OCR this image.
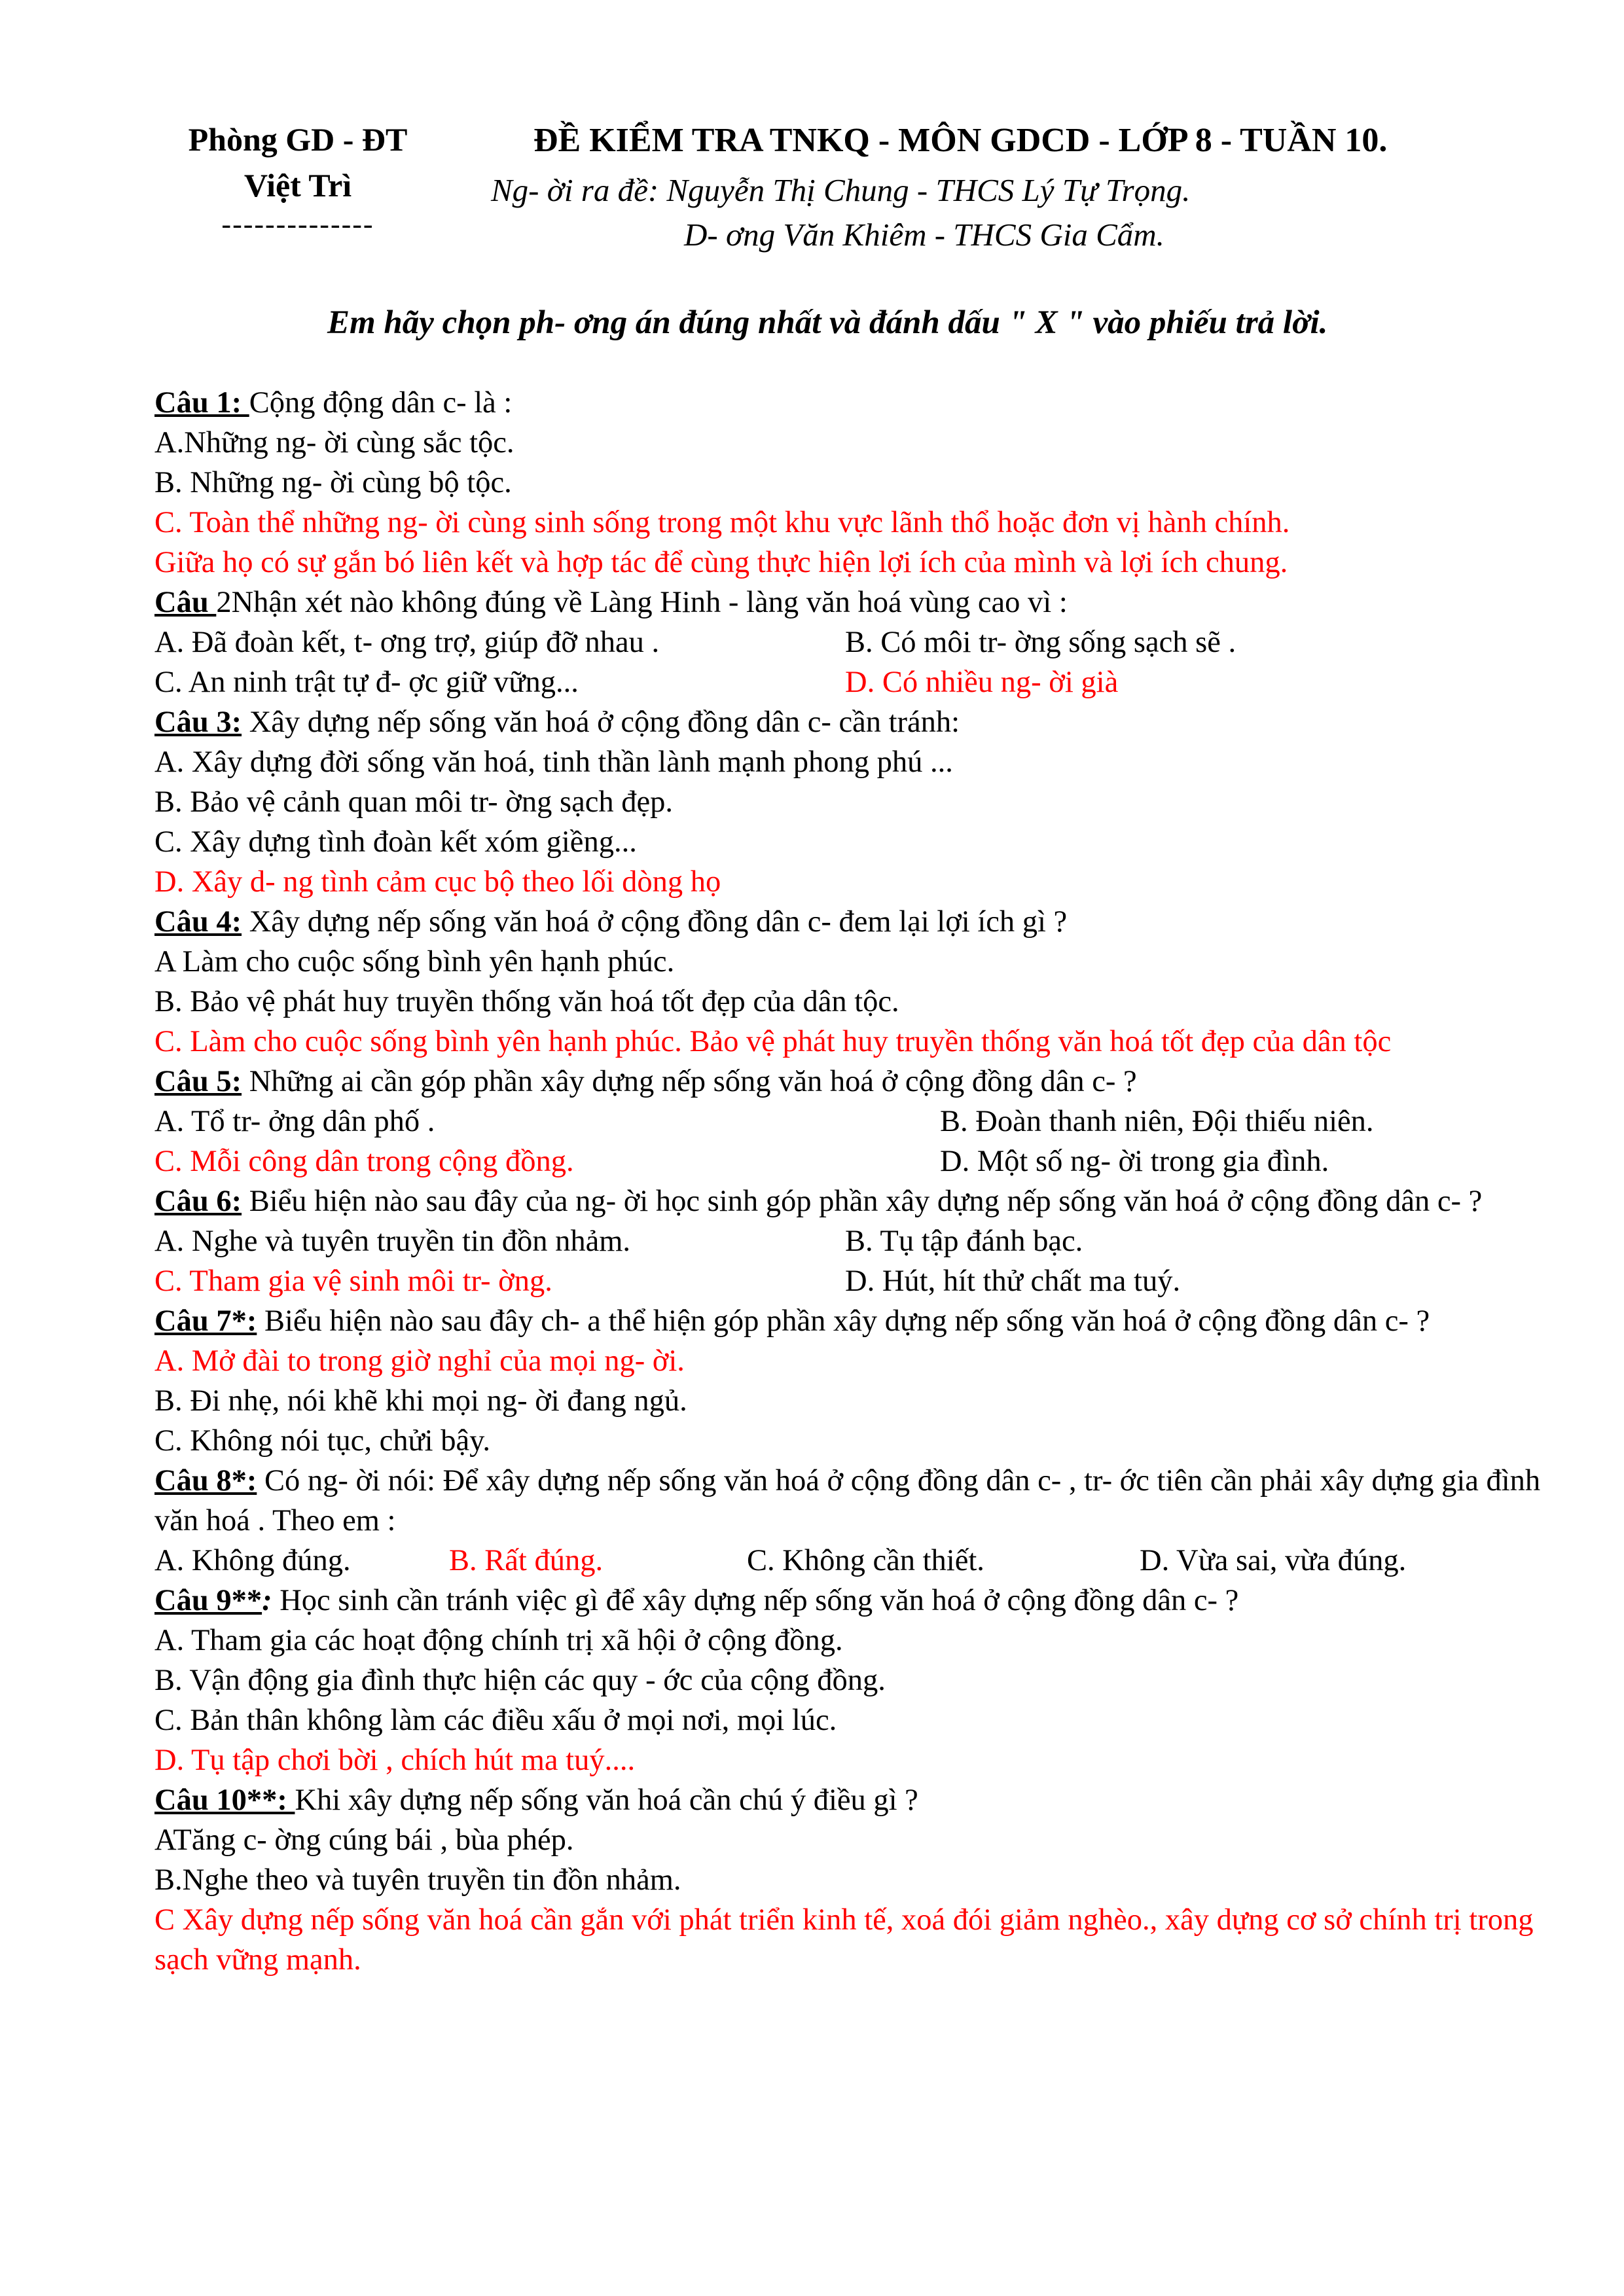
Phòng GD - ĐT
Việt Trì
--------------
ĐỀ KIỂM TRA TNKQ - MÔN GDCD - LỚP 8 - TUẦN 10.
Ng- ời ra đề: Nguyễn Thị Chung - THCS Lý Tự Trọng.
D- ơng Văn Khiêm - THCS Gia Cẩm.
Em hãy chọn ph- ơng án đúng nhất và đánh dấu " X " vào phiếu trả lời.
Câu 1: Cộng động dân c- là :
A.Những ng- ời cùng sắc tộc.
B. Những ng- ời cùng bộ tộc.
C. Toàn thể những ng- ời cùng sinh sống trong một khu vực lãnh thổ hoặc đơn vị hành chính.
Giữa họ có sự gắn bó liên kết và hợp tác để cùng thực hiện lợi ích của mình và lợi ích chung.
Câu 2Nhận xét nào không đúng về Làng Hinh - làng văn hoá vùng cao vì :
A. Đã đoàn kết, t- ơng trợ, giúp đỡ nhau .	B. Có môi tr- ờng sống sạch sẽ .
C. An ninh trật tự đ- ợc giữ vững...	D. Có nhiều ng- ời già
Câu 3: Xây dựng nếp sống văn hoá ở cộng đồng dân c- cần tránh:
A. Xây dựng đời sống văn hoá, tinh thần lành mạnh phong phú ...
B. Bảo vệ cảnh quan môi tr- ờng sạch đẹp.
C. Xây dựng tình đoàn kết xóm giềng...
D. Xây d- ng tình cảm cục bộ theo lối dòng họ
Câu 4: Xây dựng nếp sống văn hoá ở cộng đồng dân c- đem lại lợi ích gì ?
A Làm cho cuộc sống bình yên hạnh phúc.
B. Bảo vệ phát huy truyền thống văn hoá tốt đẹp của dân tộc.
C. Làm cho cuộc sống bình yên hạnh phúc. Bảo vệ phát huy truyền thống văn hoá tốt đẹp của dân tộc
Câu 5: Những ai cần góp phần xây dựng nếp sống văn hoá ở cộng đồng dân c- ?
A. Tổ tr- ởng dân phố .	B. Đoàn thanh niên, Đội thiếu niên.
C. Mỗi công dân trong cộng đồng.	D. Một số ng- ời trong gia đình.
Câu 6: Biểu hiện nào sau đây của ng- ời học sinh góp phần xây dựng nếp sống văn hoá ở cộng đồng dân c- ?
A. Nghe và tuyên truyền tin đồn nhảm.	B. Tụ tập đánh bạc.
C. Tham gia vệ sinh môi tr- ờng.	D. Hút, hít thử chất ma tuý.
Câu 7*: Biểu hiện nào sau đây ch- a thể hiện góp phần xây dựng nếp sống văn hoá ở cộng đồng dân c- ?
A. Mở đài to trong giờ nghỉ của mọi ng- ời.
B. Đi nhẹ, nói khẽ khi mọi ng- ời đang ngủ.
C. Không nói tục, chửi bậy.
Câu 8*: Có ng- ời nói: Để xây dựng nếp sống văn hoá ở cộng đồng dân c- , tr- ớc tiên cần phải xây dựng gia đình văn hoá . Theo em :
A. Không đúng.	B. Rất đúng.	C. Không cần thiết.	D. Vừa sai, vừa đúng.
Câu 9**: Học sinh cần tránh việc gì để xây dựng nếp sống văn hoá ở cộng đồng dân c- ?
A. Tham gia các hoạt động chính trị xã hội ở cộng đồng.
B. Vận động gia đình thực hiện các quy - ớc của cộng đồng.
C. Bản thân không làm các điều xấu ở mọi nơi, mọi lúc.
D. Tụ tập chơi bời , chích hút ma tuý....
Câu 10**: Khi xây dựng nếp sống văn hoá cần chú ý điều gì ?
ATăng c- ờng cúng bái , bùa phép.
B.Nghe theo và tuyên truyền tin đồn nhảm.
C Xây dựng nếp sống văn hoá cần gắn với phát triển kinh tế, xoá đói giảm nghèo., xây dựng cơ sở chính trị trong sạch vững mạnh.
